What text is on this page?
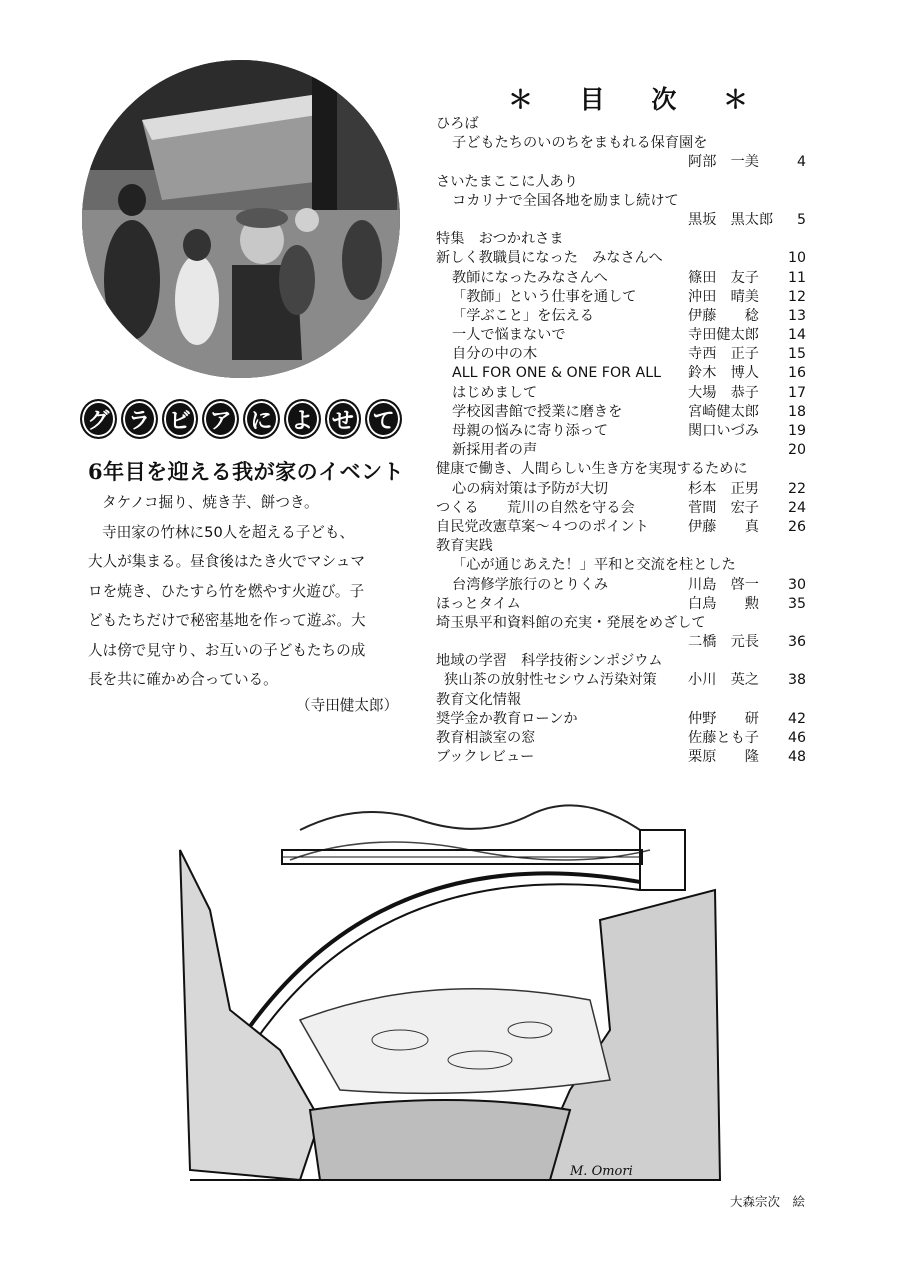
グ ラ ビ ア に よ せ て
6年目を迎える我が家のイベント

タケノコ掘り、焼き芋、餅つき。

寺田家の竹林に50人を超える子ども、

大人が集まる。昼食後はたき火でマシュマ

ロを焼き、ひたすら竹を燃やす火遊び。子

どもたちだけで秘密基地を作って遊ぶ。大

人は傍で見守り、お互いの子どもたちの成

長を共に確かめ合っている。

（寺田健太郎）
＊ 目 次 ＊
ひろば
子どもたちのいのちをまもれる保育園を
阿部　一美	4
さいたまここに人あり
コカリナで全国各地を励まし続けて
黒坂　黒太郎 5
特集　おつかれさま
新しく教職員になった　みなさんへ	10
教師になったみなさんへ	篠田　友子 11
「教師」という仕事を通して	沖田　晴美 12
「学ぶこと」を伝える	伊藤　　稔 13
一人で悩まないで	寺田健太郎 14
自分の中の木	寺西　正子 15
ALL FOR ONE & ONE FOR ALL 鈴木　博人 16
はじめまして	大場　恭子 17
学校図書館で授業に磨きを	宮崎健太郎 18
母親の悩みに寄り添って	関口いづみ 19
新採用者の声	20
健康で働き、人間らしい生き方を実現するために
心の病対策は予防が大切	杉本　正男 22
つくる　　荒川の自然を守る会	菅間　宏子 24
自民党改憲草案～４つのポイント	伊藤　　真 26
教育実践
「心が通じあえた！」平和と交流を柱とした
台湾修学旅行のとりくみ	川島　啓一 30
ほっとタイム	白鳥　　勲 35
埼玉県平和資料館の充実・発展をめざして
二橋　元長 36
地域の学習　科学技術シンポジウム
狭山茶の放射性セシウム汚染対策 小川　英之 38
教育文化情報
奨学金か教育ローンか	仲野　　研 42
教育相談室の窓	佐藤とも子 46
ブックレビュー	栗原　　隆 48
M. Omori
大森宗次　絵
